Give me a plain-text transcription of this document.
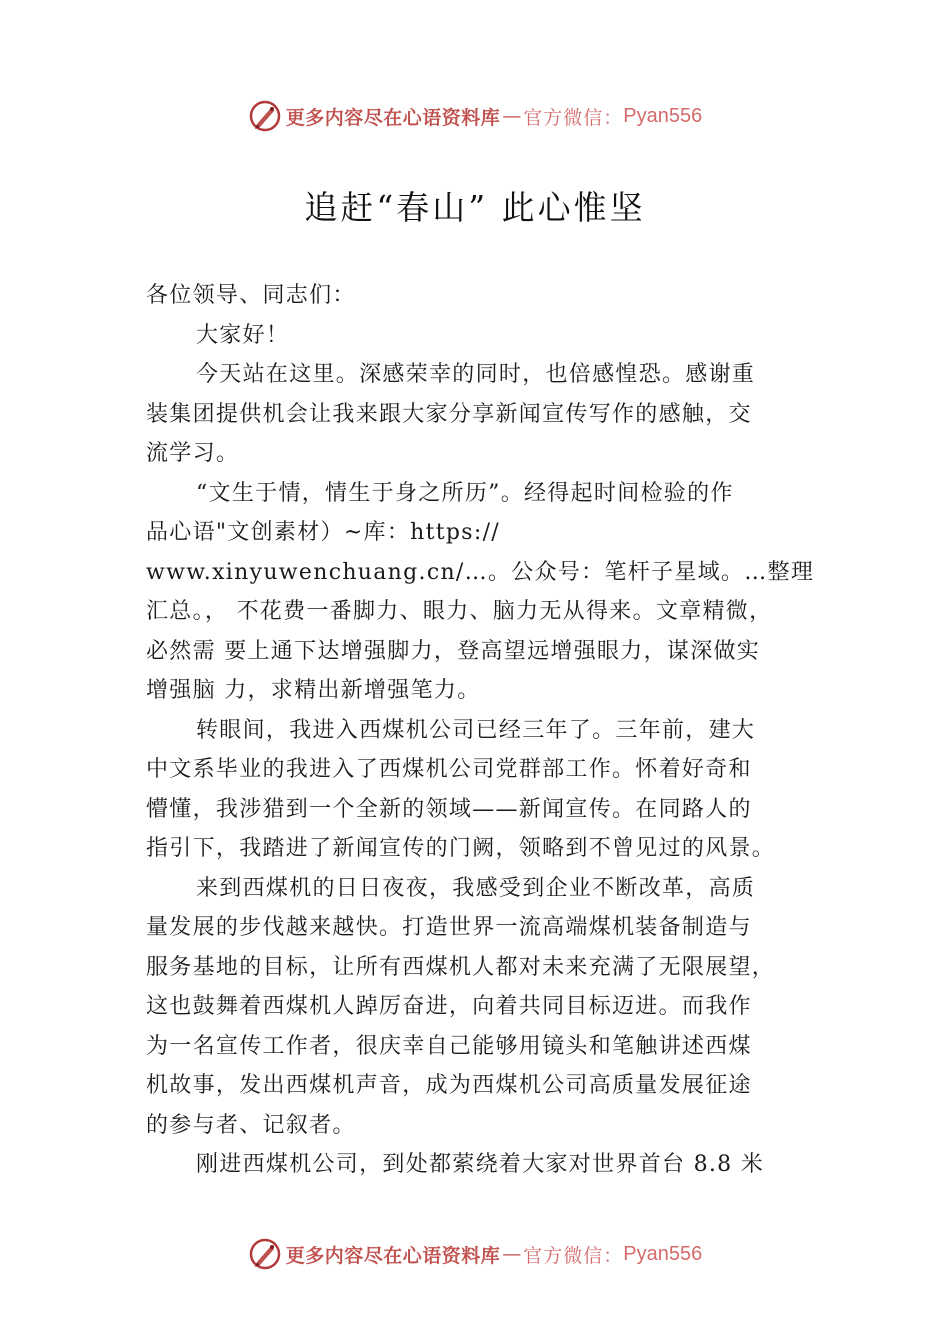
更多内容尽在心语资料库 — 官方微信： Pyan556
追赶“春山” 此心惟坚
各位领导、同志们：
大家好！
今天站在这里。深感荣幸的同时，也倍感惶恐。感谢重
装集团提供机会让我来跟大家分享新闻宣传写作的感触，交
流学习。
“文生于情，情生于身之所历”。经得起时间检验的作
品心语"文创素材）~库：https://
www.xinyuwenchuang.cn/…。公众号：笔杆子星域。…整理
汇总。， 不花费一番脚力、眼力、脑力无从得来。文章精微，
必然需 要上通下达增强脚力，登高望远增强眼力，谋深做实
增强脑 力，求精出新增强笔力。
转眼间，我进入西煤机公司已经三年了。三年前，建大
中文系毕业的我进入了西煤机公司党群部工作。怀着好奇和
懵懂，我涉猎到一个全新的领域——新闻宣传。在同路人的
指引下，我踏进了新闻宣传的门阙，领略到不曾见过的风景。
来到西煤机的日日夜夜，我感受到企业不断改革，高质
量发展的步伐越来越快。打造世界一流高端煤机装备制造与
服务基地的目标，让所有西煤机人都对未来充满了无限展望，
这也鼓舞着西煤机人踔厉奋进，向着共同目标迈进。而我作
为一名宣传工作者，很庆幸自己能够用镜头和笔触讲述西煤
机故事，发出西煤机声音，成为西煤机公司高质量发展征途
的参与者、记叙者。
刚进西煤机公司，到处都萦绕着大家对世界首台 8.8 米
更多内容尽在心语资料库 — 官方微信： Pyan556
